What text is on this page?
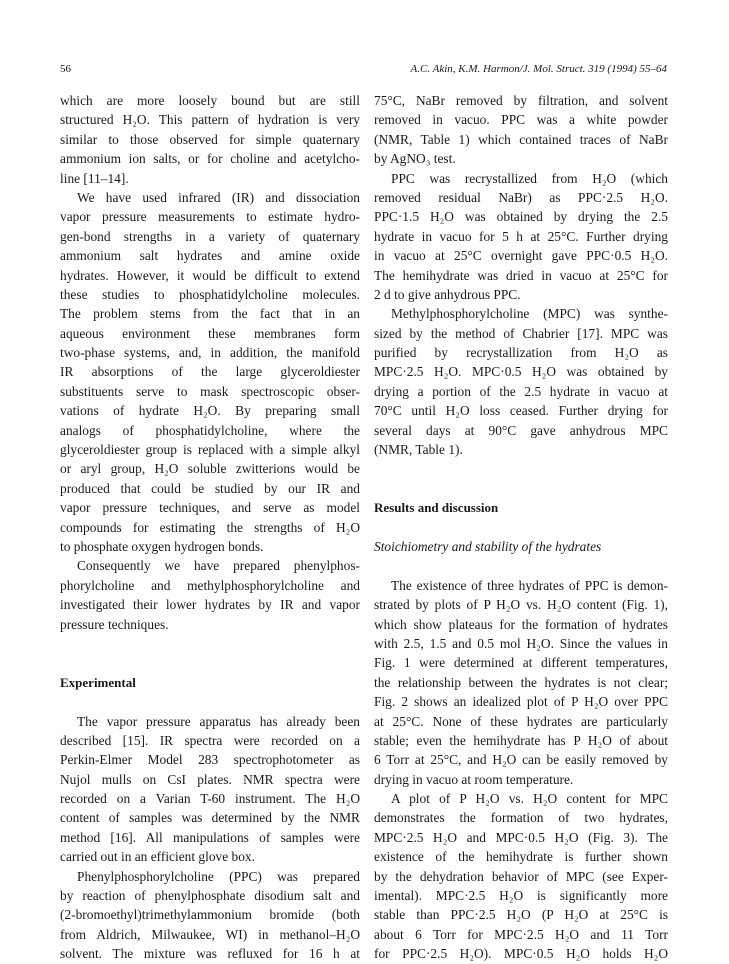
56	A.C. Akin, K.M. Harmon/J. Mol. Struct. 319 (1994) 55–64
which are more loosely bound but are still
structured H₂O. This pattern of hydration is very
similar to those observed for simple quaternary
ammonium ion salts, or for choline and acetylcho-
line [11–14].
We have used infrared (IR) and dissociation
vapor pressure measurements to estimate hydro-
gen-bond strengths in a variety of quaternary
ammonium salt hydrates and amine oxide
hydrates. However, it would be difficult to extend
these studies to phosphatidylcholine molecules.
The problem stems from the fact that in an
aqueous environment these membranes form
two-phase systems, and, in addition, the manifold
IR absorptions of the large glyceroldiester
substituents serve to mask spectroscopic obser-
vations of hydrate H₂O. By preparing small
analogs of phosphatidylcholine, where the
glyceroldiester group is replaced with a simple alkyl
or aryl group, H₂O soluble zwitterions would be
produced that could be studied by our IR and
vapor pressure techniques, and serve as model
compounds for estimating the strengths of H₂O
to phosphate oxygen hydrogen bonds.
Consequently we have prepared phenylphos-
phorylcholine and methylphosphorylcholine and
investigated their lower hydrates by IR and vapor
pressure techniques.
Experimental
The vapor pressure apparatus has already been
described [15]. IR spectra were recorded on a
Perkin-Elmer Model 283 spectrophotometer as
Nujol mulls on CsI plates. NMR spectra were
recorded on a Varian T-60 instrument. The H₂O
content of samples was determined by the NMR
method [16]. All manipulations of samples were
carried out in an efficient glove box.
Phenylphosphorylcholine (PPC) was prepared
by reaction of phenylphosphate disodium salt and
(2-bromoethyl)trimethylammonium bromide (both
from Aldrich, Milwaukee, WI) in methanol–H₂O
solvent. The mixture was refluxed for 16 h at
75°C, NaBr removed by filtration, and solvent
removed in vacuo. PPC was a white powder
(NMR, Table 1) which contained traces of NaBr
by AgNO₃ test.
PPC was recrystallized from H₂O (which
removed residual NaBr) as PPC·2.5 H₂O.
PPC·1.5 H₂O was obtained by drying the 2.5
hydrate in vacuo for 5 h at 25°C. Further drying
in vacuo at 25°C overnight gave PPC·0.5 H₂O.
The hemihydrate was dried in vacuo at 25°C for
2 d to give anhydrous PPC.
Methylphosphorylcholine (MPC) was synthe-
sized by the method of Chabrier [17]. MPC was
purified by recrystallization from H₂O as
MPC·2.5 H₂O. MPC·0.5 H₂O was obtained by
drying a portion of the 2.5 hydrate in vacuo at
70°C until H₂O loss ceased. Further drying for
several days at 90°C gave anhydrous MPC
(NMR, Table 1).
Results and discussion
Stoichiometry and stability of the hydrates
The existence of three hydrates of PPC is demon-
strated by plots of P H₂O vs. H₂O content (Fig. 1),
which show plateaus for the formation of hydrates
with 2.5, 1.5 and 0.5 mol H₂O. Since the values in
Fig. 1 were determined at different temperatures,
the relationship between the hydrates is not clear;
Fig. 2 shows an idealized plot of P H₂O over PPC
at 25°C. None of these hydrates are particularly
stable; even the hemihydrate has P H₂O of about
6 Torr at 25°C, and H₂O can be easily removed by
drying in vacuo at room temperature.
A plot of P H₂O vs. H₂O content for MPC
demonstrates the formation of two hydrates,
MPC·2.5 H₂O and MPC·0.5 H₂O (Fig. 3). The
existence of the hemihydrate is further shown
by the dehydration behavior of MPC (see Exper-
imental). MPC·2.5 H₂O is significantly more
stable than PPC·2.5 H₂O (P H₂O at 25°C is
about 6 Torr for MPC·2.5 H₂O and 11 Torr
for PPC·2.5 H₂O). MPC·0.5 H₂O holds H₂O
